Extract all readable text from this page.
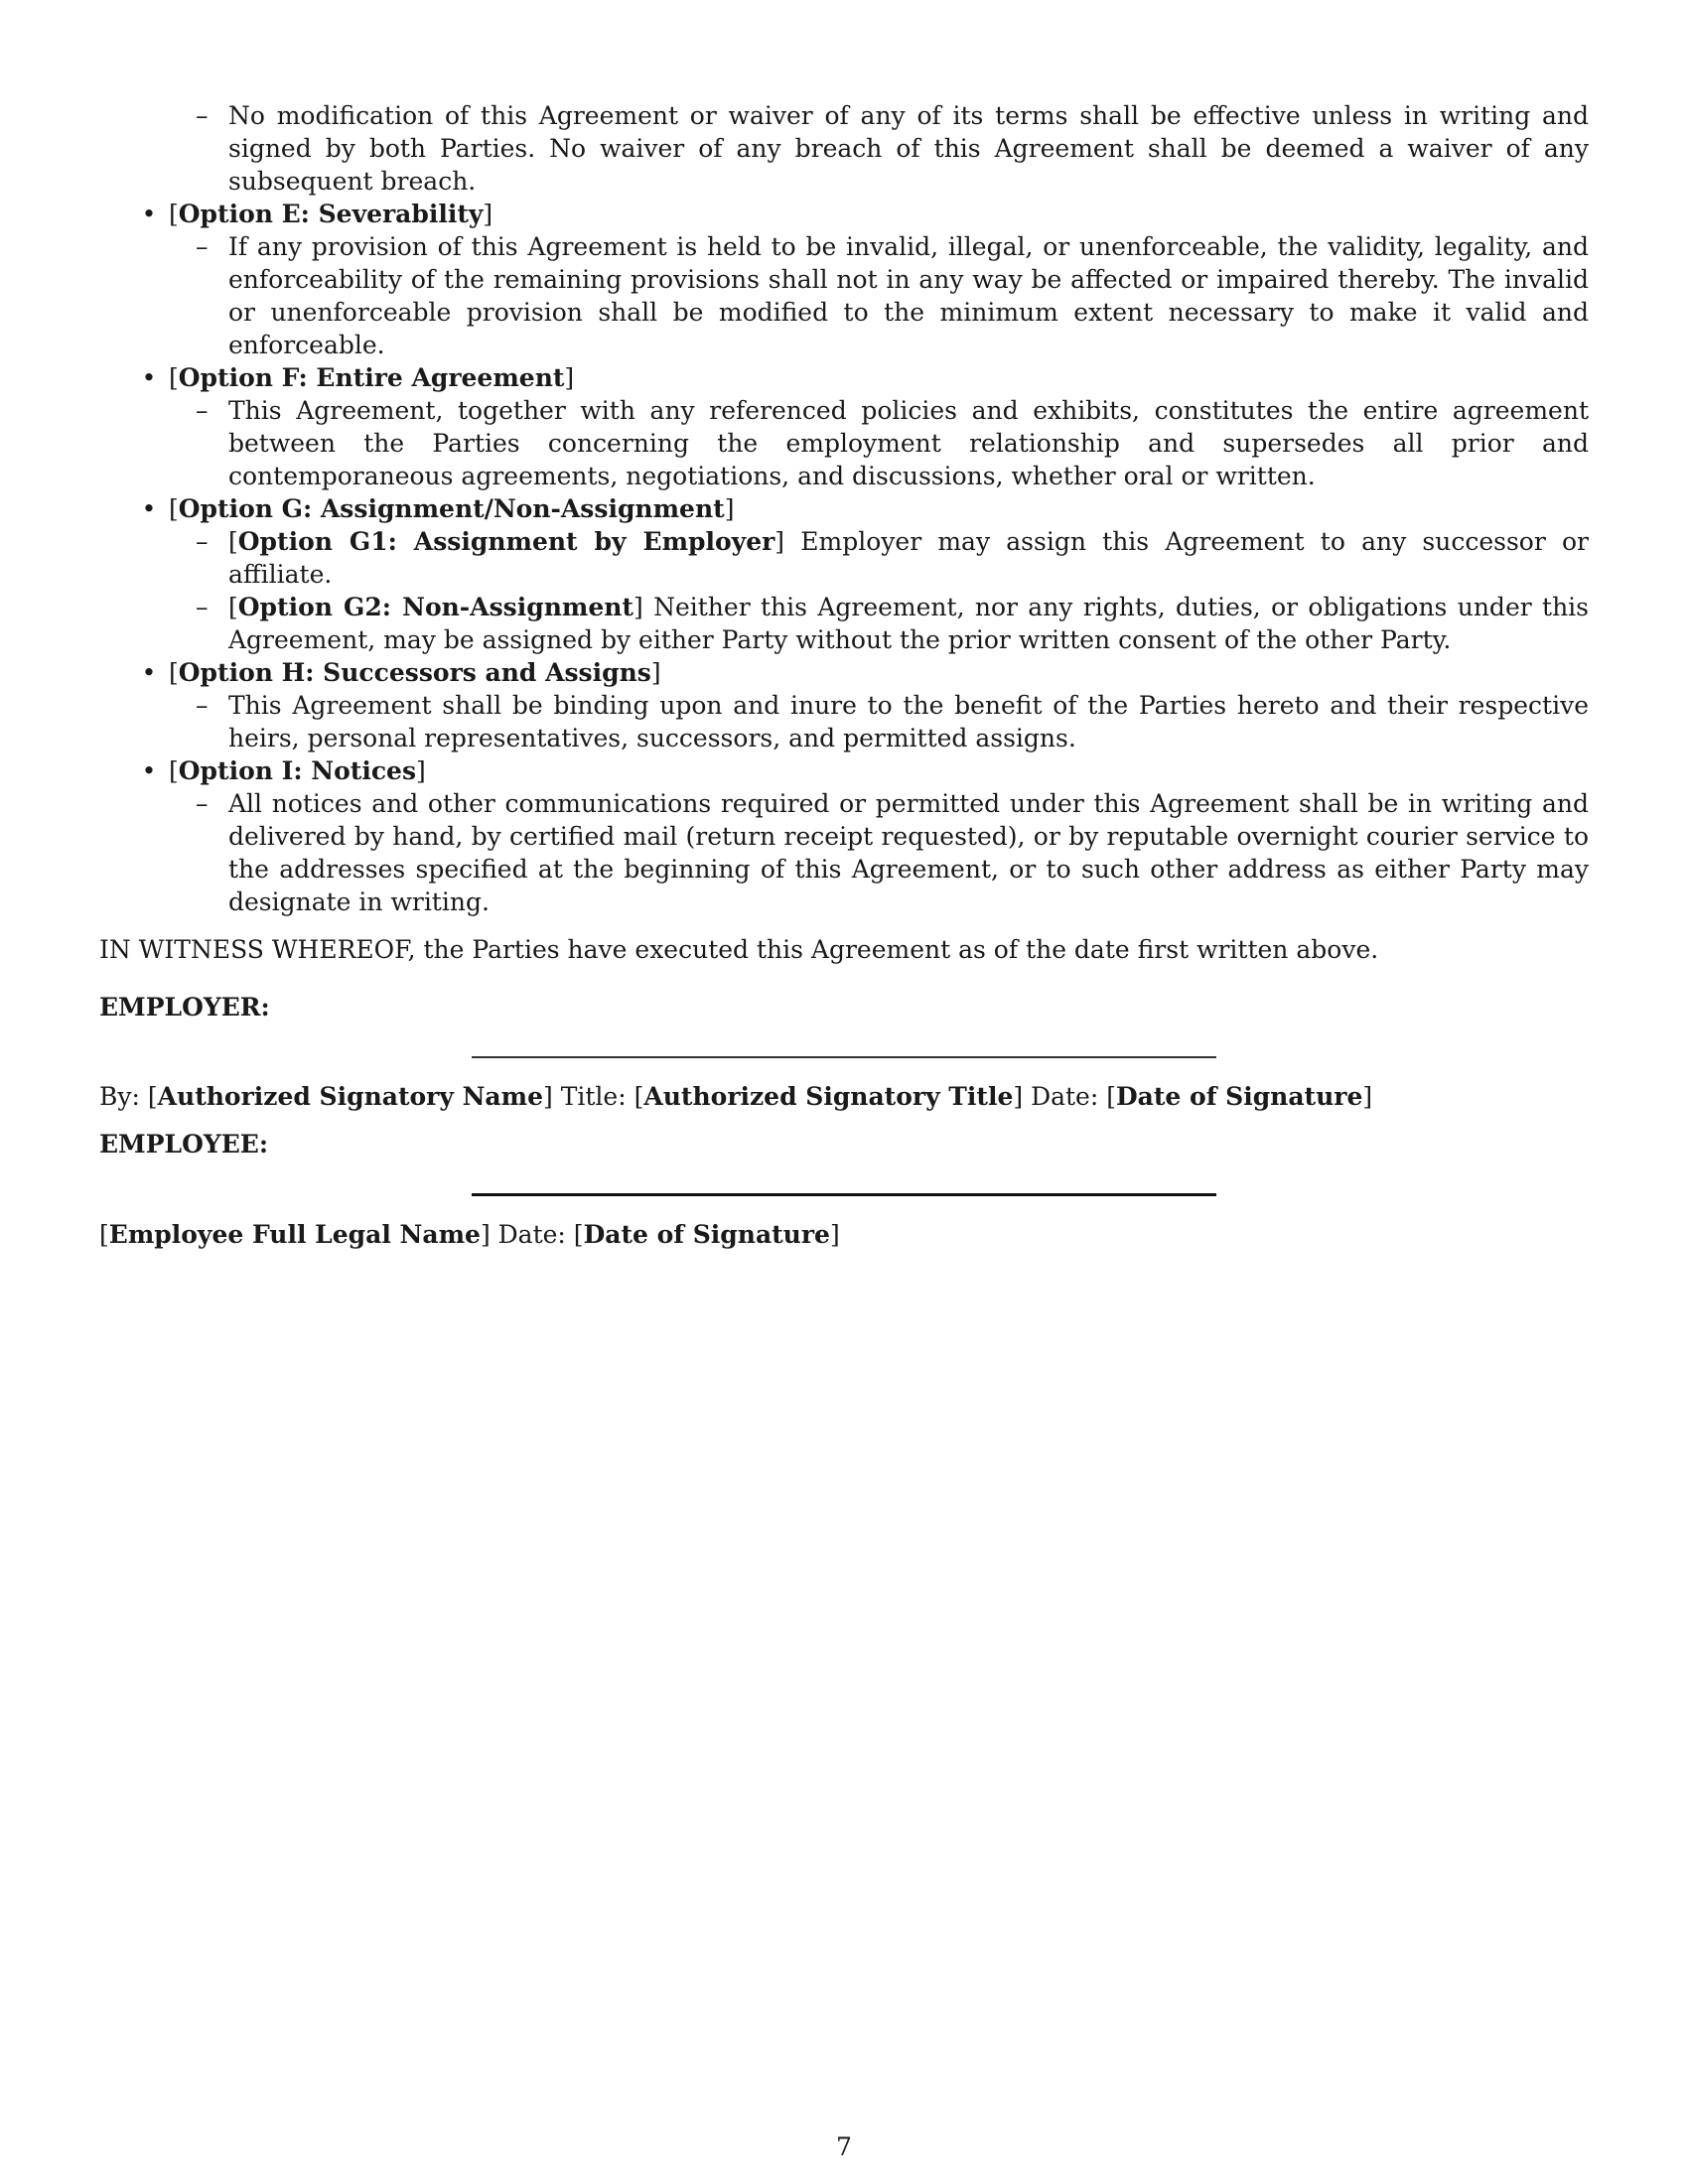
– No modification of this Agreement or waiver of any of its terms shall be effective unless in writing and signed by both Parties. No waiver of any breach of this Agreement shall be deemed a waiver of any subsequent breach.
• [Option E: Severability]
– If any provision of this Agreement is held to be invalid, illegal, or unenforceable, the validity, legality, and enforceability of the remaining provisions shall not in any way be affected or impaired thereby. The invalid or unenforceable provision shall be modified to the minimum extent necessary to make it valid and enforceable.
• [Option F: Entire Agreement]
– This Agreement, together with any referenced policies and exhibits, constitutes the entire agreement between the Parties concerning the employment relationship and supersedes all prior and contemporaneous agreements, negotiations, and discussions, whether oral or written.
• [Option G: Assignment/Non-Assignment]
– [Option G1: Assignment by Employer] Employer may assign this Agreement to any successor or affiliate.
– [Option G2: Non-Assignment] Neither this Agreement, nor any rights, duties, or obligations under this Agreement, may be assigned by either Party without the prior written consent of the other Party.
• [Option H: Successors and Assigns]
– This Agreement shall be binding upon and inure to the benefit of the Parties hereto and their respective heirs, personal representatives, successors, and permitted assigns.
• [Option I: Notices]
– All notices and other communications required or permitted under this Agreement shall be in writing and delivered by hand, by certified mail (return receipt requested), or by reputable overnight courier service to the addresses specified at the beginning of this Agreement, or to such other address as either Party may designate in writing.

IN WITNESS WHEREOF, the Parties have executed this Agreement as of the date first written above.

EMPLOYER:
By: [Authorized Signatory Name] Title: [Authorized Signatory Title] Date: [Date of Signature]
EMPLOYEE:
[Employee Full Legal Name] Date: [Date of Signature]
7
